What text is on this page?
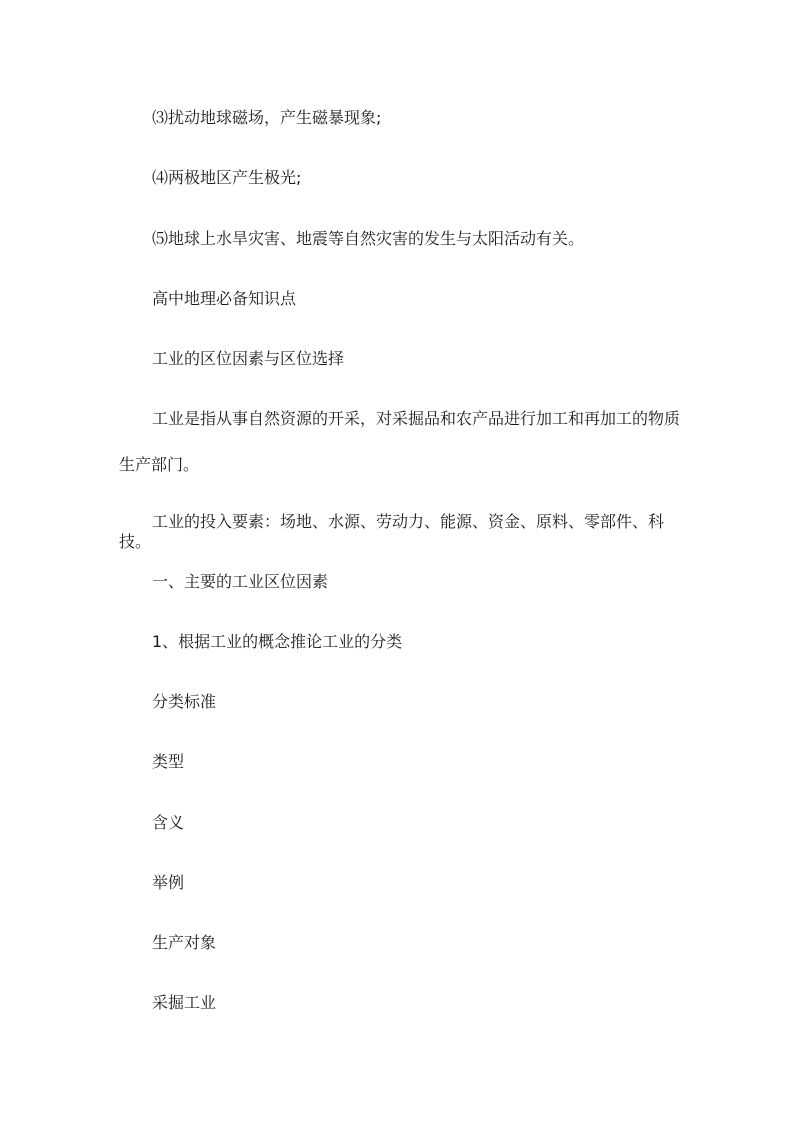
⑶扰动地球磁场，产生磁暴现象;

⑷两极地区产生极光;

⑸地球上水旱灾害、地震等自然灾害的发生与太阳活动有关。

高中地理必备知识点

工业的区位因素与区位选择

工业是指从事自然资源的开采，对采掘品和农产品进行加工和再加工的物质生产部门。

工业的投入要素：场地、水源、劳动力、能源、资金、原料、零部件、科技。

一、主要的工业区位因素

1、根据工业的概念推论工业的分类

分类标准

类型

含义

举例

生产对象

采掘工业
